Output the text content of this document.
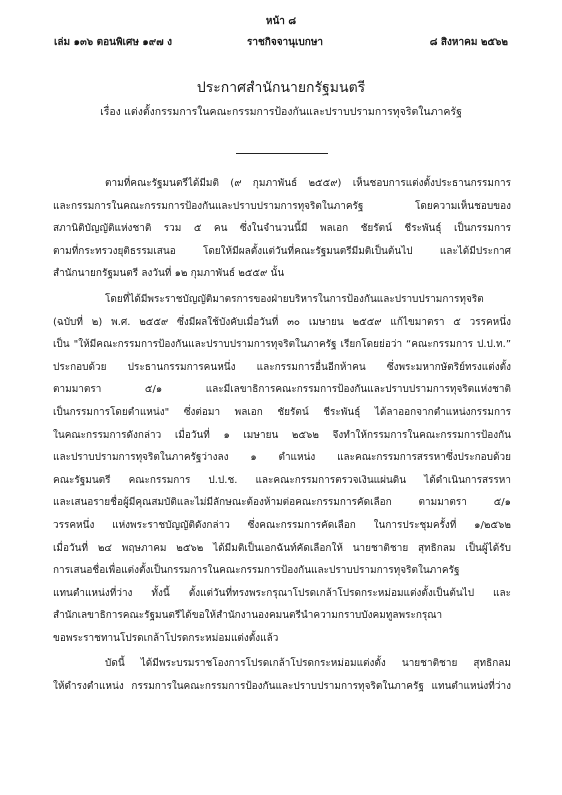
หน้า ๘
เล่ม ๑๓๖ ตอนพิเศษ ๑๙๗ ง	ราชกิจจานุเบกษา	๘ สิงหาคม ๒๕๖๒
ประกาศสำนักนายกรัฐมนตรี
เรื่อง แต่งตั้งกรรมการในคณะกรรมการป้องกันและปราบปรามการทุจริตในภาครัฐ
ตามที่คณะรัฐมนตรีได้มีมติ (๙ กุมภาพันธ์ ๒๕๕๙) เห็นชอบการแต่งตั้งประธานกรรมการ
และกรรมการในคณะกรรมการป้องกันและปราบปรามการทุจริตในภาครัฐ โดยความเห็นชอบของ
สภานิติบัญญัติแห่งชาติ รวม ๕ คน ซึ่งในจำนวนนี้มี พลเอก ชัยรัตน์ ชีระพันธุ์ เป็นกรรมการ
ตามที่กระทรวงยุติธรรมเสนอ โดยให้มีผลตั้งแต่วันที่คณะรัฐมนตรีมีมติเป็นต้นไป และได้มีประกาศ
สำนักนายกรัฐมนตรี ลงวันที่ ๑๒ กุมภาพันธ์ ๒๕๕๙ นั้น
โดยที่ได้มีพระราชบัญญัติมาตรการของฝ่ายบริหารในการป้องกันและปราบปรามการทุจริต
(ฉบับที่ ๒) พ.ศ. ๒๕๕๙ ซึ่งมีผลใช้บังคับเมื่อวันที่ ๓๐ เมษายน ๒๕๕๙ แก้ไขมาตรา ๕ วรรคหนึ่ง
เป็น "ให้มีคณะกรรมการป้องกันและปราบปรามการทุจริตในภาครัฐ เรียกโดยย่อว่า “คณะกรรมการ ป.ป.ท.”
ประกอบด้วย ประธานกรรมการคนหนึ่ง และกรรมการอื่นอีกห้าคน ซึ่งพระมหากษัตริย์ทรงแต่งตั้ง
ตามมาตรา ๕/๑ และมีเลขาธิการคณะกรรมการป้องกันและปราบปรามการทุจริตแห่งชาติ
เป็นกรรมการโดยตำแหน่ง" ซึ่งต่อมา พลเอก ชัยรัตน์ ชีระพันธุ์ ได้ลาออกจากตำแหน่งกรรมการ
ในคณะกรรมการดังกล่าว เมื่อวันที่ ๑ เมษายน ๒๕๖๒ จึงทำให้กรรมการในคณะกรรมการป้องกัน
และปราบปรามการทุจริตในภาครัฐว่างลง ๑ ตำแหน่ง และคณะกรรมการสรรหาซึ่งประกอบด้วย
คณะรัฐมนตรี คณะกรรมการ ป.ป.ช. และคณะกรรมการตรวจเงินแผ่นดิน ได้ดำเนินการสรรหา
และเสนอรายชื่อผู้มีคุณสมบัติและไม่มีลักษณะต้องห้ามต่อคณะกรรมการคัดเลือก ตามมาตรา ๕/๑
วรรคหนึ่ง แห่งพระราชบัญญัติดังกล่าว ซึ่งคณะกรรมการคัดเลือก ในการประชุมครั้งที่ ๑/๒๕๖๒
เมื่อวันที่ ๒๔ พฤษภาคม ๒๕๖๒ ได้มีมติเป็นเอกฉันท์คัดเลือกให้ นายชาติชาย สุทธิกลม เป็นผู้ได้รับ
การเสนอชื่อเพื่อแต่งตั้งเป็นกรรมการในคณะกรรมการป้องกันและปราบปรามการทุจริตในภาครัฐ
แทนตำแหน่งที่ว่าง ทั้งนี้ ตั้งแต่วันที่ทรงพระกรุณาโปรดเกล้าโปรดกระหม่อมแต่งตั้งเป็นต้นไป และ
สำนักเลขาธิการคณะรัฐมนตรีได้ขอให้สำนักงานองคมนตรีนำความกราบบังคมทูลพระกรุณา
ขอพระราชทานโปรดเกล้าโปรดกระหม่อมแต่งตั้งแล้ว
บัดนี้ ได้มีพระบรมราชโองการโปรดเกล้าโปรดกระหม่อมแต่งตั้ง นายชาติชาย สุทธิกลม
ให้ดำรงตำแหน่ง กรรมการในคณะกรรมการป้องกันและปราบปรามการทุจริตในภาครัฐ แทนตำแหน่งที่ว่าง
